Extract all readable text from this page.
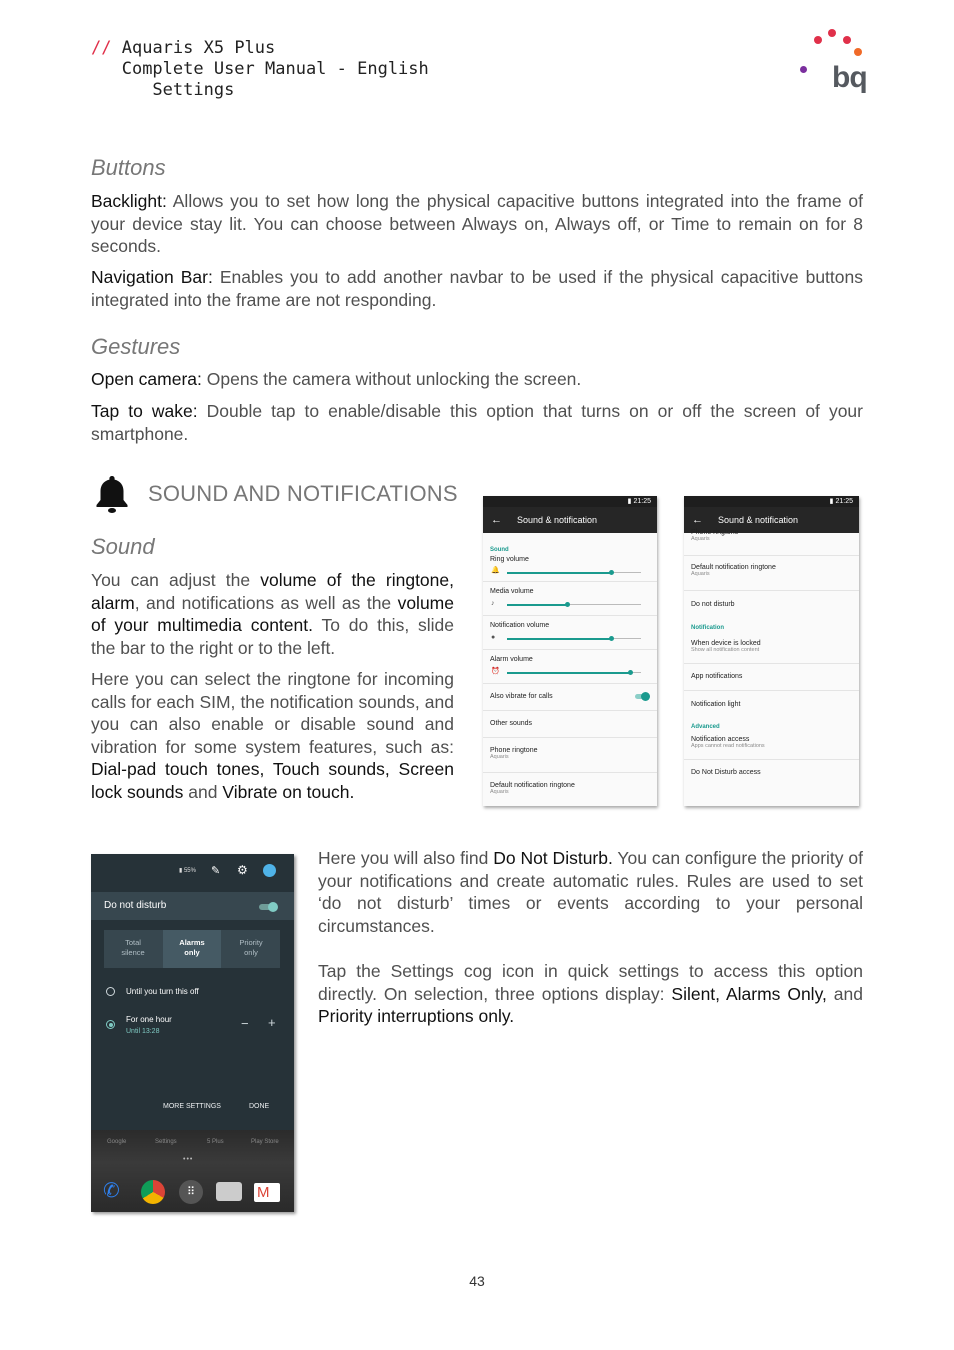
// Aquaris X5 Plus
Complete User Manual - English
Settings	bq
Buttons
Backlight: Allows you to set how long the physical capacitive buttons integrated into the frame of your device stay lit. You can choose between Always on, Always off, or Time to remain on for 8 seconds.
Navigation Bar: Enables you to add another navbar to be used if the physical capacitive buttons integrated into the frame are not responding.
Gestures
Open camera: Opens the camera without unlocking the screen.
Tap to wake: Double tap to enable/disable this option that turns on or off the screen of your smartphone.
SOUND AND NOTIFICATIONS
Sound
You can adjust the volume of the ringtone, alarm, and notifications as well as the volume of your multimedia content. To do this, slide the bar to the right or to the left.
Here you can select the ringtone for incoming calls for each SIM, the notification sounds, and you can also enable or disable sound and vibration for some system features, such as: Dial-pad touch tones, Touch sounds, Screen lock sounds and Vibrate on touch.
▮ 21:25
← Sound & notification
Sound
Ring volume
🔔
Media volume
♪
Notification volume
●
Alarm volume
⏰
Also vibrate for calls
Other sounds
Phone ringtone
Aquaris
Default notification ringtone
Aquaris
▮ 21:25
← Sound & notification
Phone ringtone
Aquaris
Default notification ringtone
Aquaris
Do not disturb
Notification
When device is locked
Show all notification content
App notifications
Notification light
Advanced
Notification access
Apps cannot read notifications
Do Not Disturb access
▮ 55% ✎ ⚙
Do not disturb
Total
silence
Alarms
only
Priority
only
Until you turn this off
For one hour
Until 13:28
− +
MORE SETTINGS	DONE
Google	Settings	5 Plus	Play Store
•••
✆	⠿	M
Here you will also find Do Not Disturb. You can configure the priority of your notifications and create automatic rules. Rules are used to set ‘do not disturb’ times or events according to your personal circumstances.
Tap the Settings cog icon in quick settings to access this option directly. On selection, three options display: Silent, Alarms Only, and Priority interruptions only.
43
